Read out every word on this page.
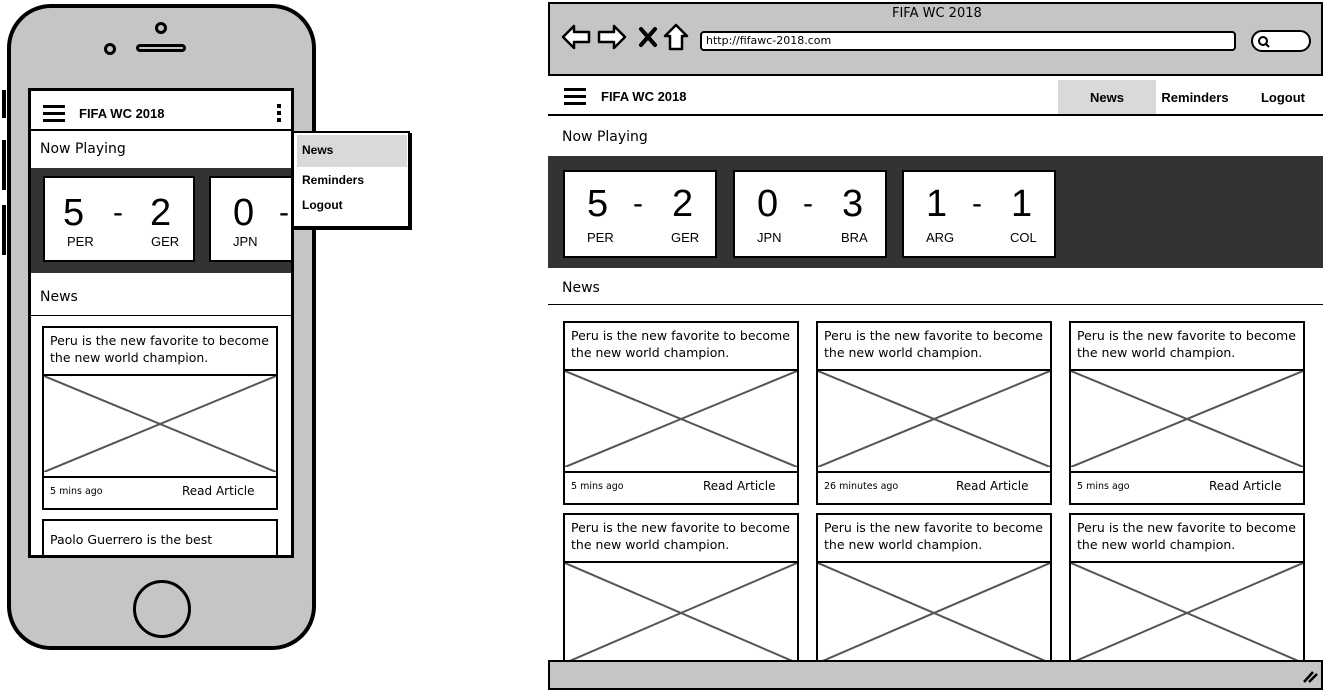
FIFA WC 2018
Now Playing
5 - 2
PER	GER
0 -
JPN
News
Peru is the new favorite to become the new world champion.
5 mins ago	Read Article
Paolo Guerrero is the best
News
Reminders
Logout
FIFA WC 2018
http://fifawc-2018.com
FIFA WC 2018	News	Reminders	Logout
Now Playing
5 - 2
PER	GER
0 - 3
JPN	BRA
1 - 1
ARG	COL
News
Peru is the new favorite to become the new world champion.
5 mins ago	Read Article
Peru is the new favorite to become the new world champion.
26 minutes ago	Read Article
Peru is the new favorite to become the new world champion.
5 mins ago	Read Article
Peru is the new favorite to become the new world champion.
Peru is the new favorite to become the new world champion.
Peru is the new favorite to become the new world champion.
